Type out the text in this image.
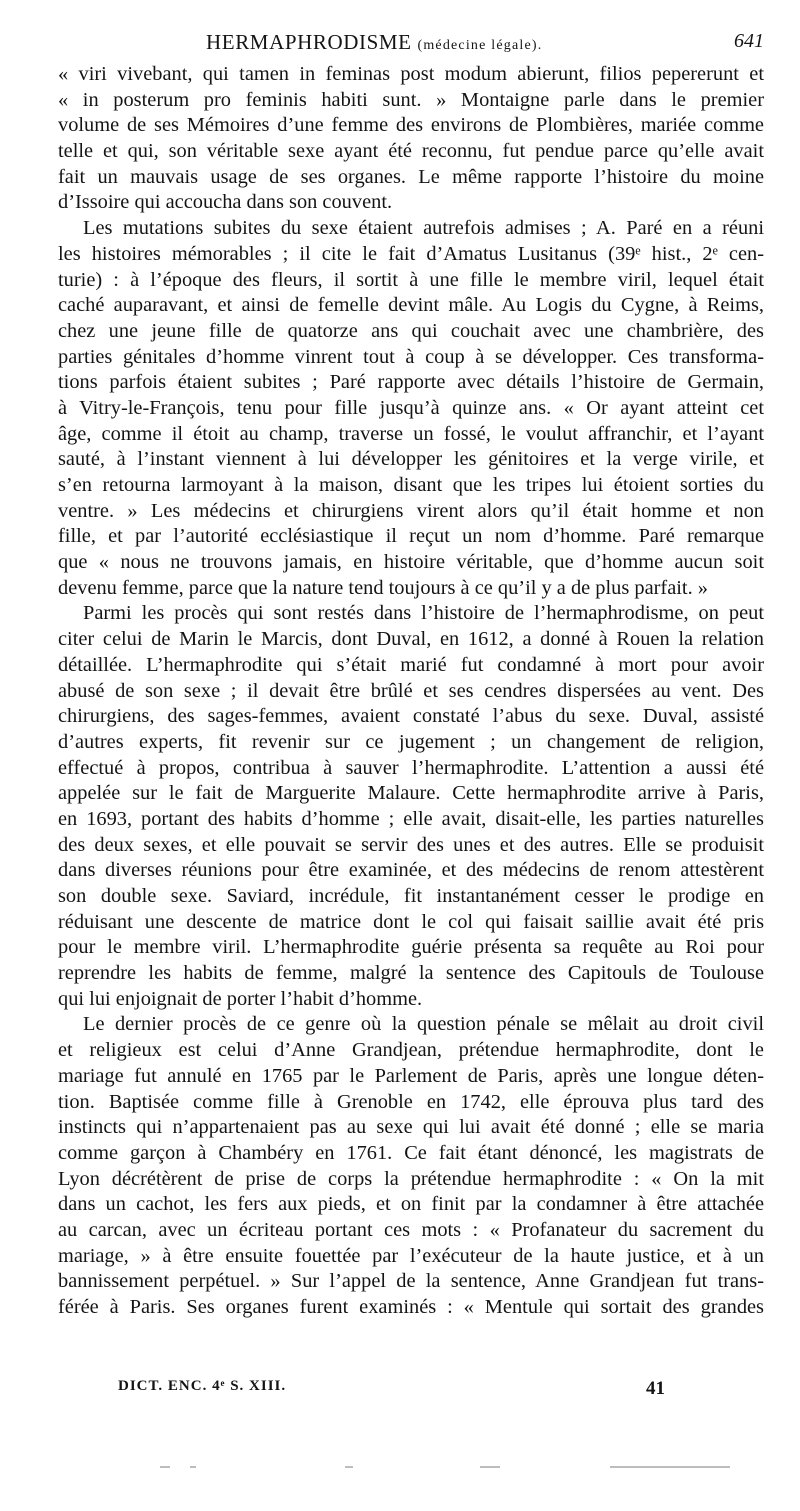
HERMAPHRODISME (médecine légale).	641
« viri vivebant, qui tamen in feminas post modum abierunt, filios pepererunt et
« in posterum pro feminis habiti sunt. » Montaigne parle dans le premier
volume de ses Mémoires d’une femme des environs de Plombières, mariée comme
telle et qui, son véritable sexe ayant été reconnu, fut pendue parce qu’elle avait
fait un mauvais usage de ses organes. Le même rapporte l’histoire du moine
d’Issoire qui accoucha dans son couvent.
Les mutations subites du sexe étaient autrefois admises ; A. Paré en a réuni
les histoires mémorables ; il cite le fait d’Amatus Lusitanus (39ᵉ hist., 2ᵉ cen-
turie) : à l’époque des fleurs, il sortit à une fille le membre viril, lequel était
caché auparavant, et ainsi de femelle devint mâle. Au Logis du Cygne, à Reims,
chez une jeune fille de quatorze ans qui couchait avec une chambrière, des
parties génitales d’homme vinrent tout à coup à se développer. Ces transforma-
tions parfois étaient subites ; Paré rapporte avec détails l’histoire de Germain,
à Vitry-le-François, tenu pour fille jusqu’à quinze ans. « Or ayant atteint cet
âge, comme il étoit au champ, traverse un fossé, le voulut affranchir, et l’ayant
sauté, à l’instant viennent à lui développer les génitoires et la verge virile, et
s’en retourna larmoyant à la maison, disant que les tripes lui étoient sorties du
ventre. » Les médecins et chirurgiens virent alors qu’il était homme et non
fille, et par l’autorité ecclésiastique il reçut un nom d’homme. Paré remarque
que « nous ne trouvons jamais, en histoire véritable, que d’homme aucun soit
devenu femme, parce que la nature tend toujours à ce qu’il y a de plus parfait. »
Parmi les procès qui sont restés dans l’histoire de l’hermaphrodisme, on peut
citer celui de Marin le Marcis, dont Duval, en 1612, a donné à Rouen la relation
détaillée. L’hermaphrodite qui s’était marié fut condamné à mort pour avoir
abusé de son sexe ; il devait être brûlé et ses cendres dispersées au vent. Des
chirurgiens, des sages-femmes, avaient constaté l’abus du sexe. Duval, assisté
d’autres experts, fit revenir sur ce jugement ; un changement de religion,
effectué à propos, contribua à sauver l’hermaphrodite. L’attention a aussi été
appelée sur le fait de Marguerite Malaure. Cette hermaphrodite arrive à Paris,
en 1693, portant des habits d’homme ; elle avait, disait-elle, les parties naturelles
des deux sexes, et elle pouvait se servir des unes et des autres. Elle se produisit
dans diverses réunions pour être examinée, et des médecins de renom attestèrent
son double sexe. Saviard, incrédule, fit instantanément cesser le prodige en
réduisant une descente de matrice dont le col qui faisait saillie avait été pris
pour le membre viril. L’hermaphrodite guérie présenta sa requête au Roi pour
reprendre les habits de femme, malgré la sentence des Capitouls de Toulouse
qui lui enjoignait de porter l’habit d’homme.
Le dernier procès de ce genre où la question pénale se mêlait au droit civil
et religieux est celui d’Anne Grandjean, prétendue hermaphrodite, dont le
mariage fut annulé en 1765 par le Parlement de Paris, après une longue déten-
tion. Baptisée comme fille à Grenoble en 1742, elle éprouva plus tard des
instincts qui n’appartenaient pas au sexe qui lui avait été donné ; elle se maria
comme garçon à Chambéry en 1761. Ce fait étant dénoncé, les magistrats de
Lyon décrétèrent de prise de corps la prétendue hermaphrodite : « On la mit
dans un cachot, les fers aux pieds, et on finit par la condamner à être attachée
au carcan, avec un écriteau portant ces mots : « Profanateur du sacrement du
mariage, » à être ensuite fouettée par l’exécuteur de la haute justice, et à un
bannissement perpétuel. » Sur l’appel de la sentence, Anne Grandjean fut trans-
férée à Paris. Ses organes furent examinés : « Mentule qui sortait des grandes
DICT. ENC. 4ᵉ S. XIII.	41
